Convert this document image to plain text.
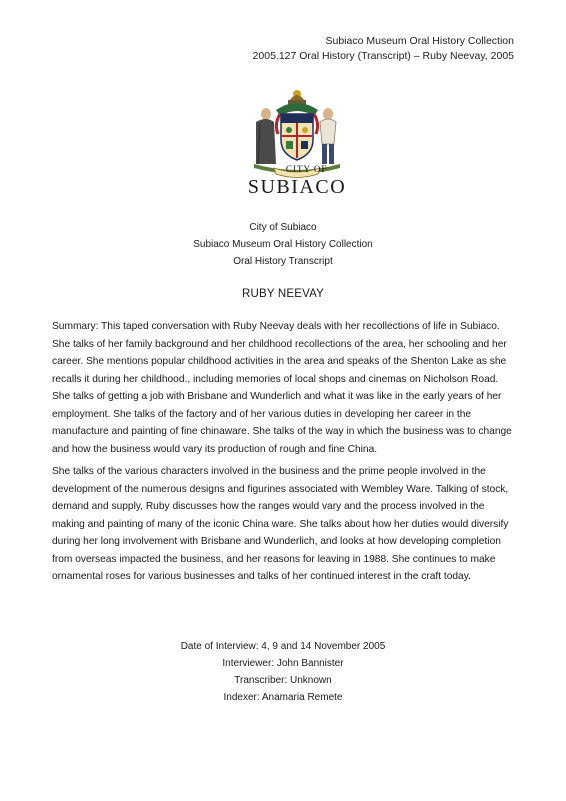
Subiaco Museum Oral History Collection
2005.127 Oral History (Transcript) – Ruby Neevay, 2005
CITY OF
SUBIACO
City of Subiaco
Subiaco Museum Oral History Collection
Oral History Transcript
RUBY NEEVAY
Summary: This taped conversation with Ruby Neevay deals with her recollections of life in Subiaco. She talks of her family background and her childhood recollections of the area, her schooling and her career. She mentions popular childhood activities in the area and speaks of the Shenton Lake as she recalls it during her childhood., including memories of local shops and cinemas on Nicholson Road. She talks of getting a job with Brisbane and Wunderlich and what it was like in the early years of her employment. She talks of the factory and of her various duties in developing her career in the manufacture and painting of fine chinaware. She talks of the way in which the business was to change and how the business would vary its production of rough and fine China.
She talks of the various characters involved in the business and the prime people involved in the development of the numerous designs and figurines associated with Wembley Ware. Talking of stock, demand and supply, Ruby discusses how the ranges would vary and the process involved in the making and painting of many of the iconic China ware. She talks about how her duties would diversify during her long involvement with Brisbane and Wunderlich, and looks at how developing completion from overseas impacted the business, and her reasons for leaving in 1988. She continues to make ornamental roses for various businesses and talks of her continued interest in the craft today.
Date of Interview: 4, 9 and 14 November 2005
Interviewer: John Bannister
Transcriber: Unknown
Indexer: Anamaria Remete
